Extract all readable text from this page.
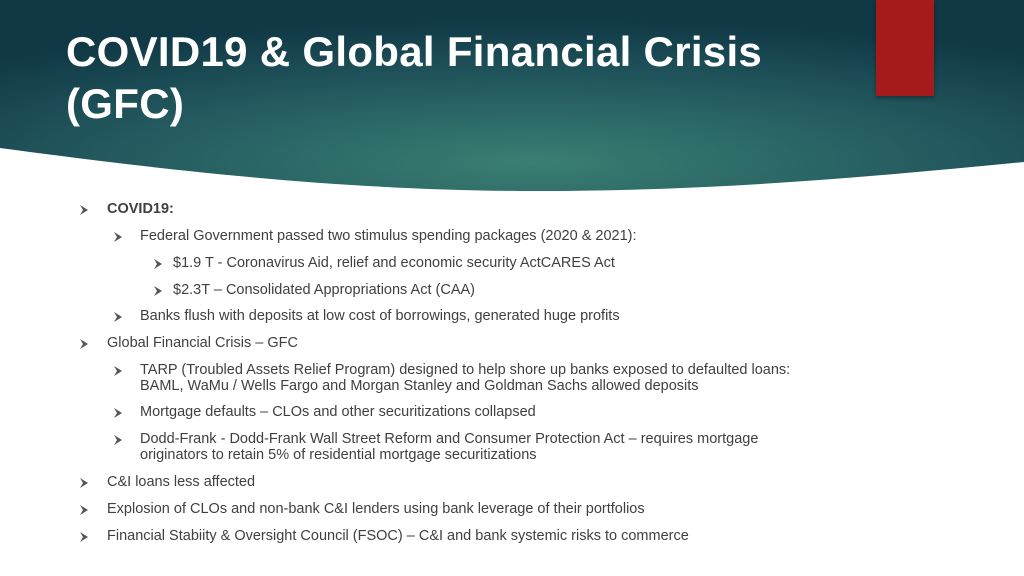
COVID19 & Global Financial Crisis
(GFC)
COVID19:
Federal Government passed two stimulus spending packages (2020 & 2021):
$1.9 T - Coronavirus Aid, relief and economic security ActCARES Act
$2.3T – Consolidated Appropriations Act (CAA)
Banks flush with deposits at low cost of borrowings, generated huge profits
Global Financial Crisis – GFC
TARP (Troubled Assets Relief Program) designed to help shore up banks exposed to defaulted loans:
BAML, WaMu / Wells Fargo and Morgan Stanley and Goldman Sachs allowed deposits
Mortgage defaults – CLOs and other securitizations collapsed
Dodd-Frank - Dodd-Frank Wall Street Reform and Consumer Protection Act – requires mortgage
originators to retain 5% of residential mortgage securitizations
C&I loans less affected
Explosion of CLOs and non-bank C&I lenders using bank leverage of their portfolios
Financial Stabiity & Oversight Council (FSOC) – C&I and bank systemic risks to commerce
